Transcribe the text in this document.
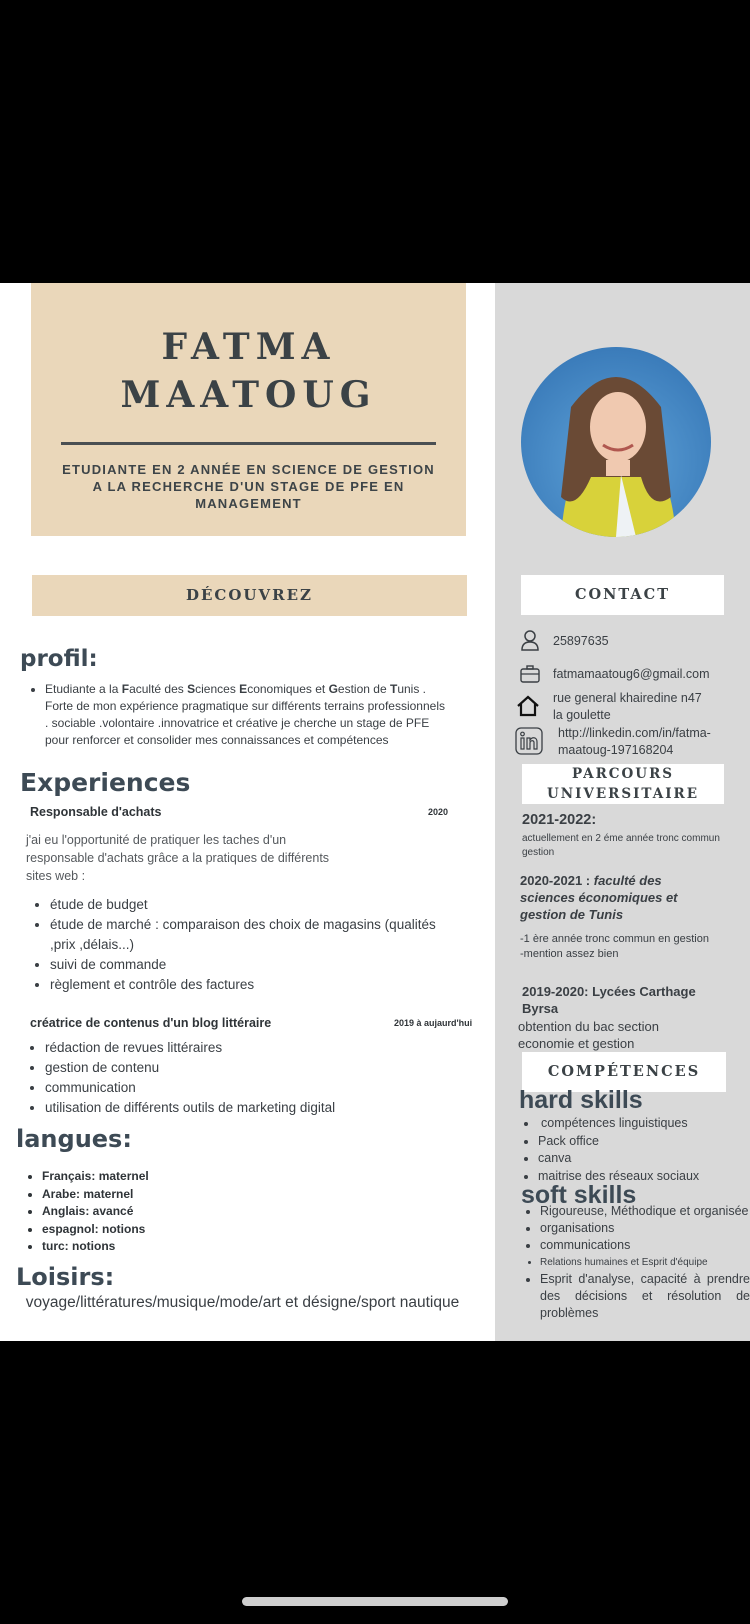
FATMA
MAATOUG
ETUDIANTE EN 2 ANNÉE EN SCIENCE DE GESTION A LA RECHERCHE D'UN STAGE DE PFE EN MANAGEMENT
DÉCOUVREZ
profil:
• Etudiante a la Faculté des Sciences Economiques et Gestion de Tunis . Forte de mon expérience pragmatique sur différents terrains professionnels . sociable .volontaire .innovatrice et créative je cherche un stage de PFE pour renforcer et consolider mes connaissances et compétences
Experiences
Responsable d'achats	2020
j'ai eu l'opportunité de pratiquer les taches d'un responsable d'achats grâce a la pratiques de différents sites web :
• étude de budget
• étude de marché : comparaison des choix de magasins (qualités ,prix ,délais...)
• suivi de commande
• règlement et contrôle des factures
créatrice de contenus d'un blog littéraire	2019 à aujaurd'hui
• rédaction de revues littéraires
• gestion de contenu
• communication
• utilisation de différents outils de marketing digital
langues:
• Français: maternel
• Arabe: maternel
• Anglais: avancé
• espagnol: notions
• turc: notions
Loisirs:
voyage/littératures/musique/mode/art et désigne/sport nautique
CONTACT
25897635
fatmamaatoug6@gmail.com
rue general khairedine n47
la goulette
http://linkedin.com/in/fatma-
maatoug-197168204
PARCOURS
UNIVERSITAIRE
2021-2022:
actuellement en 2 éme année tronc commun gestion
2020-2021 : faculté des sciences économiques et gestion de Tunis
-1 ère année tronc commun en gestion
-mention assez bien
2019-2020: Lycées Carthage Byrsa
obtention du bac section economie et gestion
COMPÉTENCES
hard skills
• compétences linguistiques
• Pack office
• canva
• maitrise des réseaux sociaux
soft skills
• Rigoureuse, Méthodique et organisée
• organisations
• communications
• Relations humaines et Esprit d'équipe
• Esprit d'analyse, capacité à prendre des décisions et résolution de problèmes
